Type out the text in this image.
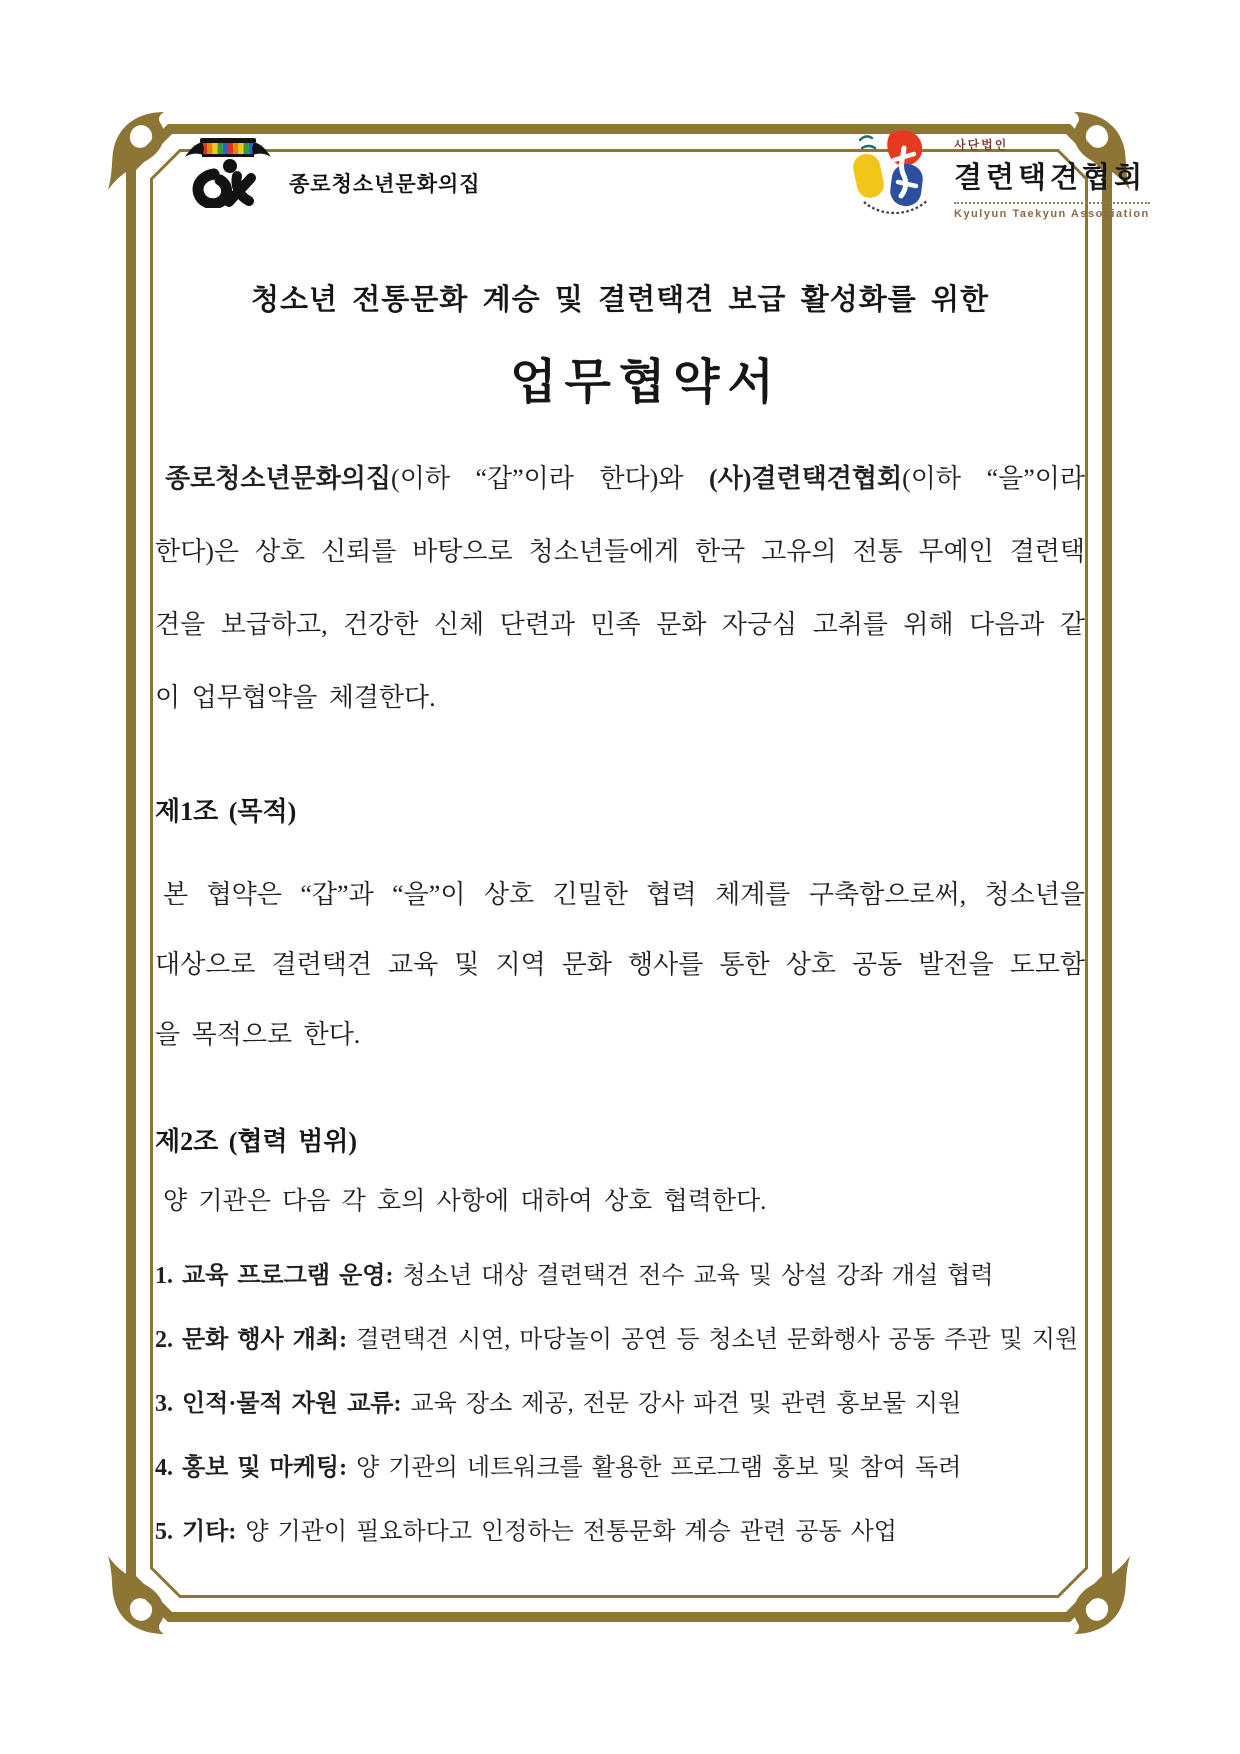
종로청소년문화의집
사단법인
결련택견협회
Kyulyun Taekyun Association
청소년 전통문화 계승 및 결련택견 보급 활성화를 위한
업무협약서
종로청소년문화의집(이하 “갑”이라 한다)와 (사)결련택견협회(이하 “을”이라
한다)은 상호 신뢰를 바탕으로 청소년들에게 한국 고유의 전통 무예인 결련택
견을 보급하고, 건강한 신체 단련과 민족 문화 자긍심 고취를 위해 다음과 같
이 업무협약을 체결한다.
제1조 (목적)
본 협약은 “갑”과 “을”이 상호 긴밀한 협력 체계를 구축함으로써, 청소년을
대상으로 결련택견 교육 및 지역 문화 행사를 통한 상호 공동 발전을 도모함
을 목적으로 한다.
제2조 (협력 범위)
양 기관은 다음 각 호의 사항에 대하여 상호 협력한다.
1. 교육 프로그램 운영: 청소년 대상 결련택견 전수 교육 및 상설 강좌 개설 협력
2. 문화 행사 개최: 결련택견 시연, 마당놀이 공연 등 청소년 문화행사 공동 주관 및 지원
3. 인적·물적 자원 교류: 교육 장소 제공, 전문 강사 파견 및 관련 홍보물 지원
4. 홍보 및 마케팅: 양 기관의 네트워크를 활용한 프로그램 홍보 및 참여 독려
5. 기타: 양 기관이 필요하다고 인정하는 전통문화 계승 관련 공동 사업
